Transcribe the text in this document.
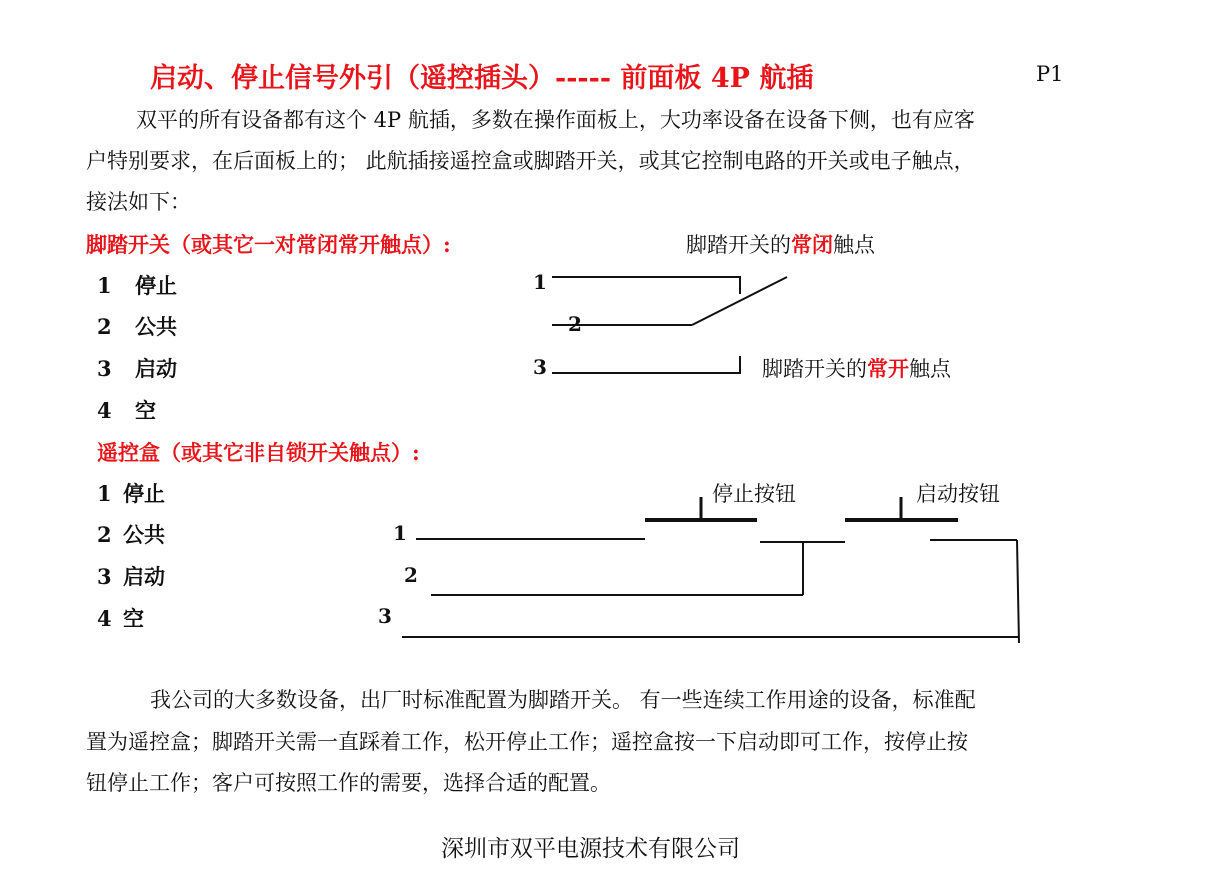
启动、停止信号外引（遥控插头）----- 前面板 4P 航插	P1
双平的所有设备都有这个 4P 航插，多数在操作面板上，大功率设备在设备下侧，也有应客
户特别要求，在后面板上的； 此航插接遥控盒或脚踏开关，或其它控制电路的开关或电子触点，
接法如下：
脚踏开关（或其它一对常闭常开触点）:	脚踏开关的常闭触点
1 停止
2 公共
3 启动
4 空
1
2
3	脚踏开关的常开触点
遥控盒（或其它非自锁开关触点）:
1 停止
2 公共
3 启动
4 空
停止按钮	启动按钮
1
2
3
我公司的大多数设备，出厂时标准配置为脚踏开关。 有一些连续工作用途的设备，标准配
置为遥控盒；脚踏开关需一直踩着工作，松开停止工作；遥控盒按一下启动即可工作，按停止按
钮停止工作；客户可按照工作的需要，选择合适的配置。
深圳市双平电源技术有限公司
